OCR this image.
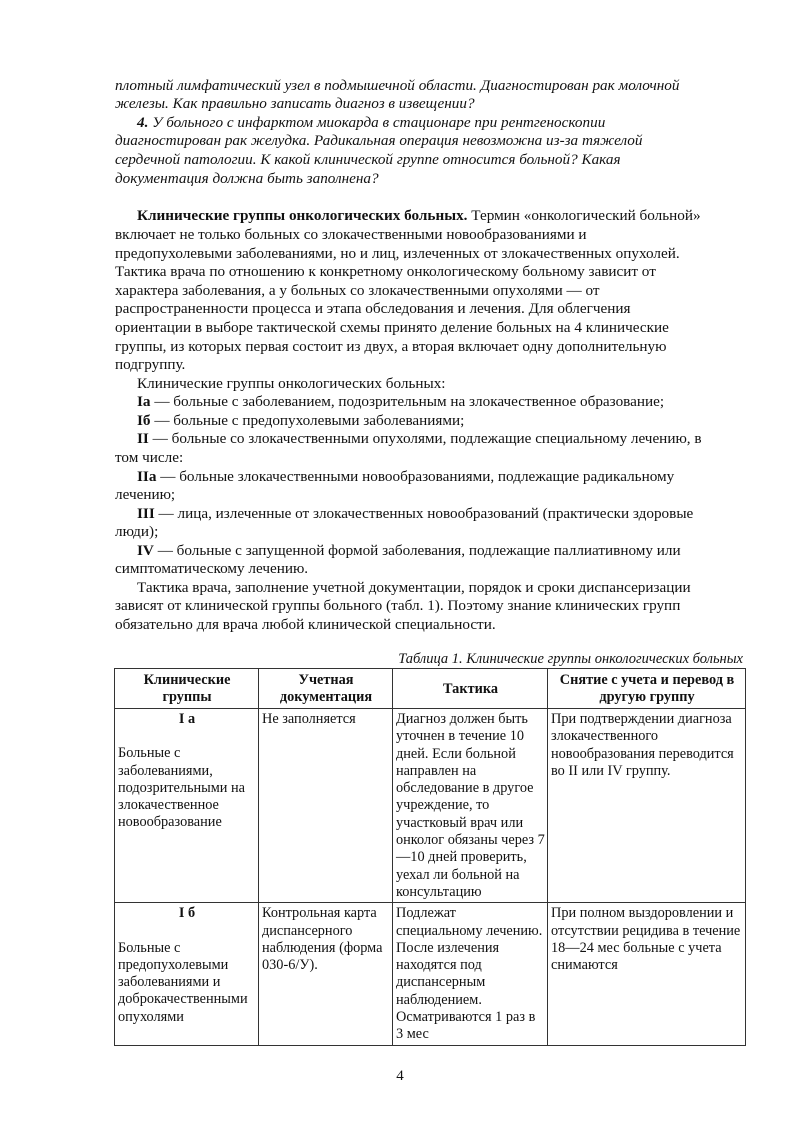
плотный лимфатический узел в подмышечной области. Диагностирован рак молочной
железы. Как правильно записать диагноз в извещении?
4. У больного с инфарктом миокарда в стационаре при рентгеноскопии
диагностирован рак желудка. Радикальная операция невозможна из-за тяжелой
сердечной патологии. К какой клинической группе относится больной? Какая
документация должна быть заполнена?
Клинические группы онкологических больных. Термин «онкологический больной»
включает не только больных со злокачественными новообразованиями и
предопухолевыми заболеваниями, но и лиц, излеченных от злокачественных опухолей.
Тактика врача по отношению к конкретному онкологическому больному зависит от
характера заболевания, а у больных со злокачественными опухолями — от
распространенности процесса и этапа обследования и лечения. Для облегчения
ориентации в выборе тактической схемы принято деление больных на 4 клинические
группы, из которых первая состоит из двух, а вторая включает одну дополнительную
подгруппу.
Клинические группы онкологических больных:
Iа — больные с заболеванием, подозрительным на злокачественное образование;
Iб — больные с предопухолевыми заболеваниями;
II — больные со злокачественными опухолями, подлежащие специальному лечению, в
том числе:
IIа — больные злокачественными новообразованиями, подлежащие радикальному
лечению;
III — лица, излеченные от злокачественных новообразований (практически здоровые
люди);
IV — больные с запущенной формой заболевания, подлежащие паллиативному или
симптоматическому лечению.
Тактика врача, заполнение учетной документации, порядок и сроки диспансеризации
зависят от клинической группы больного (табл. 1). Поэтому знание клинических групп
обязательно для врача любой клинической специальности.
Таблица 1. Клинические группы онкологических больных
Клинические группы	Учетная документация	Тактика	Снятие с учета и перевод в другую группу

I а
Больные с заболеваниями, подозрительными на злокачественное новообразование	Не заполняется	Диагноз должен быть уточнен в течение 10 дней. Если больной направлен на обследование в другое учреждение, то участковый врач или онколог обязаны через 7—10 дней проверить, уехал ли больной на консультацию	При подтверждении диагноза злокачественного новообразования переводится во II или IV группу.

I б
Больные с предопухолевыми заболеваниями и доброкачественными опухолями	Контрольная карта диспансерного наблюдения (форма 030-6/У).	Подлежат специальному лечению. После излечения находятся под диспансерным наблюдением. Осматриваются 1 раз в 3 мес	При полном выздоровлении и отсутствии рецидива в течение 18—24 мес больные с учета снимаются
4
